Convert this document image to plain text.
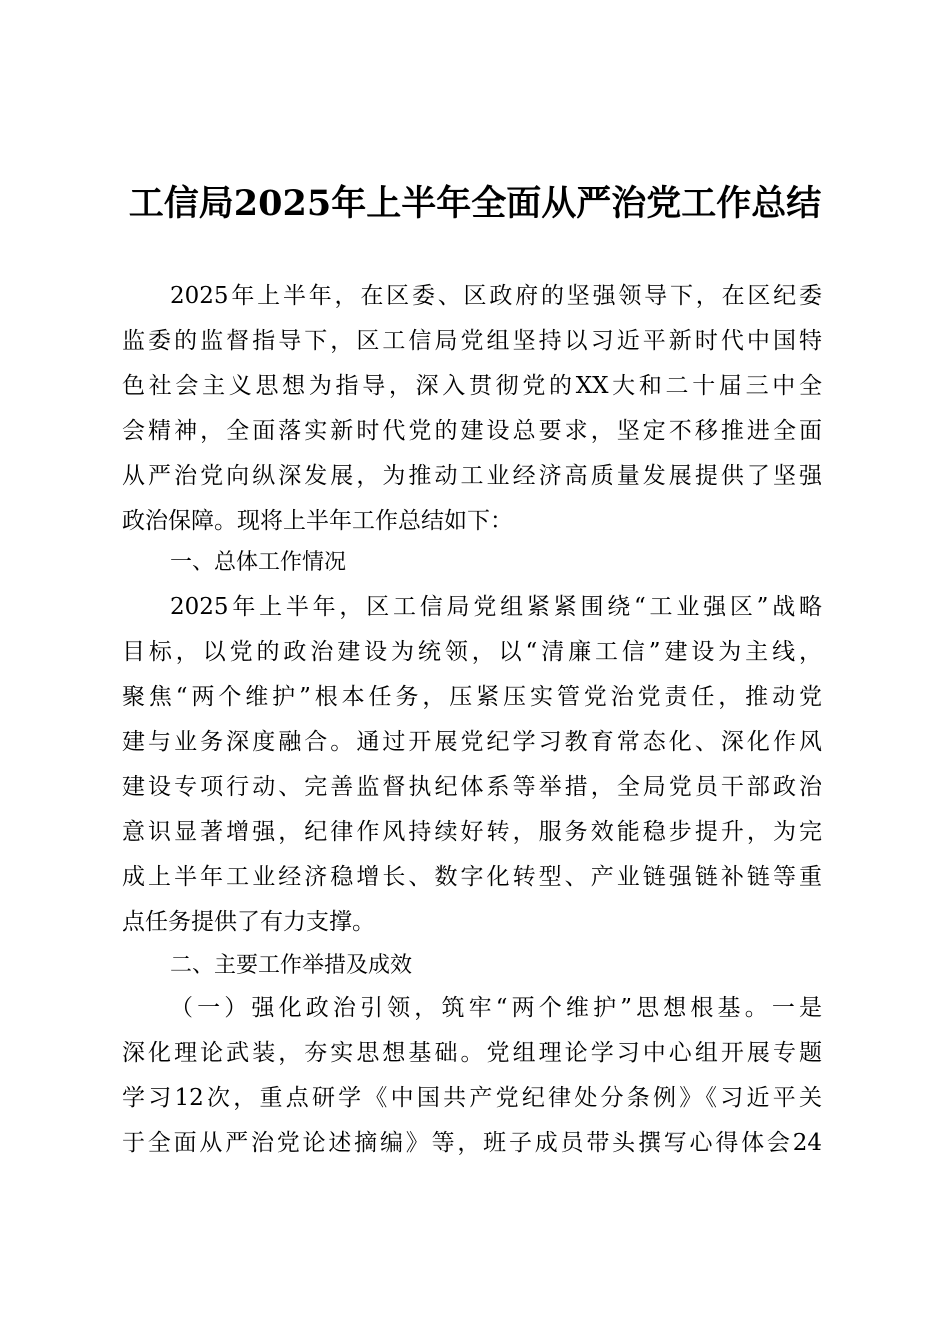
工信局2025年上半年全面从严治党工作总结
2025年上半年，在区委、区政府的坚强领导下，在区纪委
监委的监督指导下，区工信局党组坚持以习近平新时代中国特
色社会主义思想为指导，深入贯彻党的XX大和二十届三中全
会精神，全面落实新时代党的建设总要求，坚定不移推进全面
从严治党向纵深发展，为推动工业经济高质量发展提供了坚强
政治保障。现将上半年工作总结如下：
一、总体工作情况
2025年上半年，区工信局党组紧紧围绕“工业强区”战略
目标，以党的政治建设为统领，以“清廉工信”建设为主线，
聚焦“两个维护”根本任务，压紧压实管党治党责任，推动党
建与业务深度融合。通过开展党纪学习教育常态化、深化作风
建设专项行动、完善监督执纪体系等举措，全局党员干部政治
意识显著增强，纪律作风持续好转，服务效能稳步提升，为完
成上半年工业经济稳增长、数字化转型、产业链强链补链等重
点任务提供了有力支撑。
二、主要工作举措及成效
（一）强化政治引领，筑牢“两个维护”思想根基。一是
深化理论武装，夯实思想基础。党组理论学习中心组开展专题
学习12次，重点研学《中国共产党纪律处分条例》《习近平关
于全面从严治党论述摘编》等，班子成员带头撰写心得体会24
